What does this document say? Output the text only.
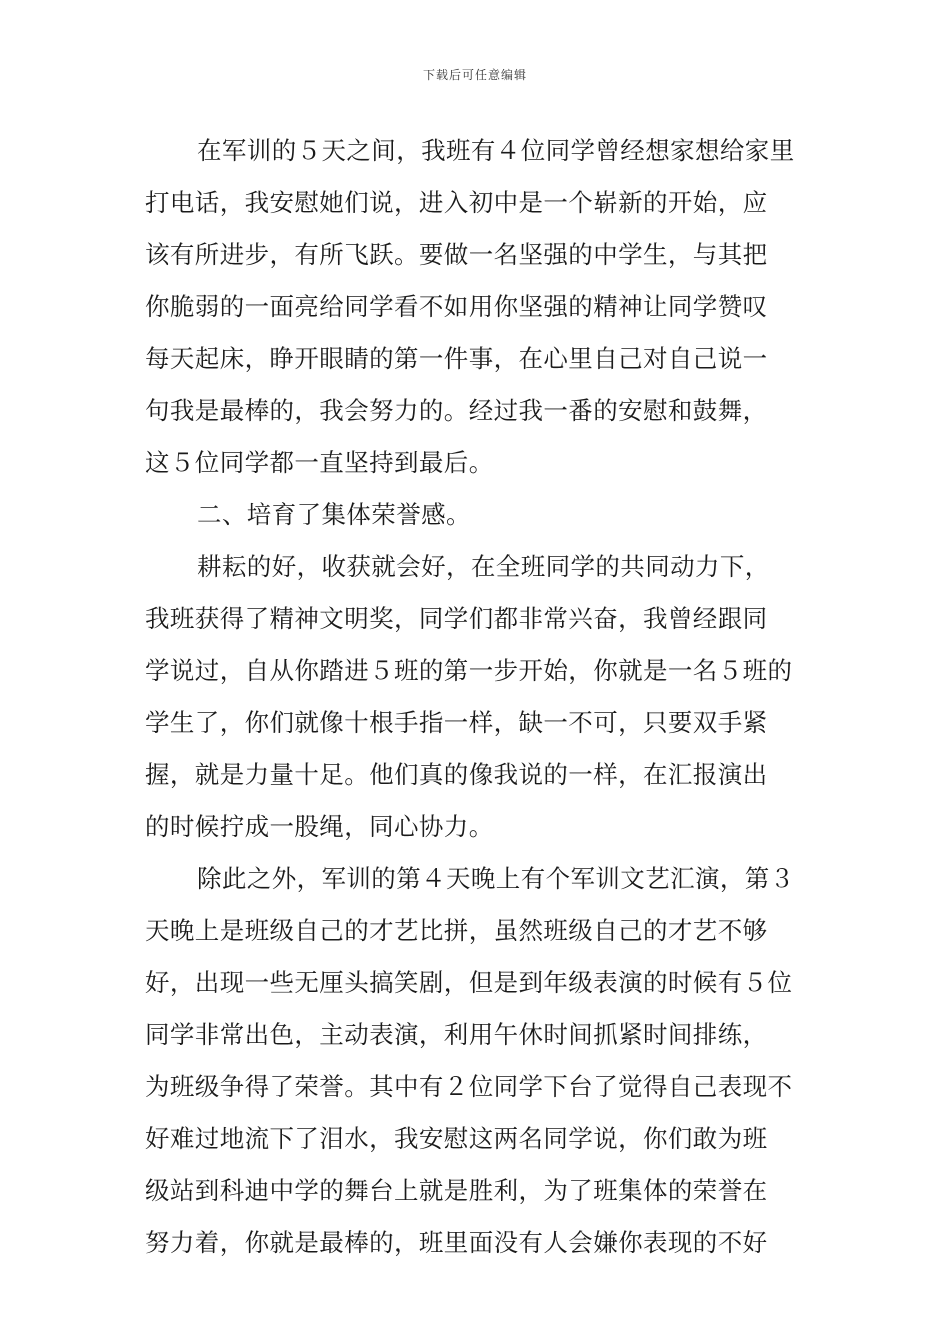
下载后可任意编辑
在军训的５天之间，我班有４位同学曾经想家想给家里
打电话，我安慰她们说，进入初中是一个崭新的开始，应
该有所进步，有所飞跃。要做一名坚强的中学生，与其把
你脆弱的一面亮给同学看不如用你坚强的精神让同学赞叹
每天起床，睁开眼睛的第一件事，在心里自己对自己说一
句我是最棒的，我会努力的。经过我一番的安慰和鼓舞，
这５位同学都一直坚持到最后。
二、培育了集体荣誉感。
耕耘的好，收获就会好，在全班同学的共同动力下，
我班获得了精神文明奖，同学们都非常兴奋，我曾经跟同
学说过，自从你踏进５班的第一步开始，你就是一名５班的
学生了，你们就像十根手指一样，缺一不可，只要双手紧
握，就是力量十足。他们真的像我说的一样，在汇报演出
的时候拧成一股绳，同心协力。
除此之外，军训的第４天晚上有个军训文艺汇演，第３
天晚上是班级自己的才艺比拼，虽然班级自己的才艺不够
好，出现一些无厘头搞笑剧，但是到年级表演的时候有５位
同学非常出色，主动表演，利用午休时间抓紧时间排练，
为班级争得了荣誉。其中有２位同学下台了觉得自己表现不
好难过地流下了泪水，我安慰这两名同学说，你们敢为班
级站到科迪中学的舞台上就是胜利，为了班集体的荣誉在
努力着，你就是最棒的，班里面没有人会嫌你表现的不好
